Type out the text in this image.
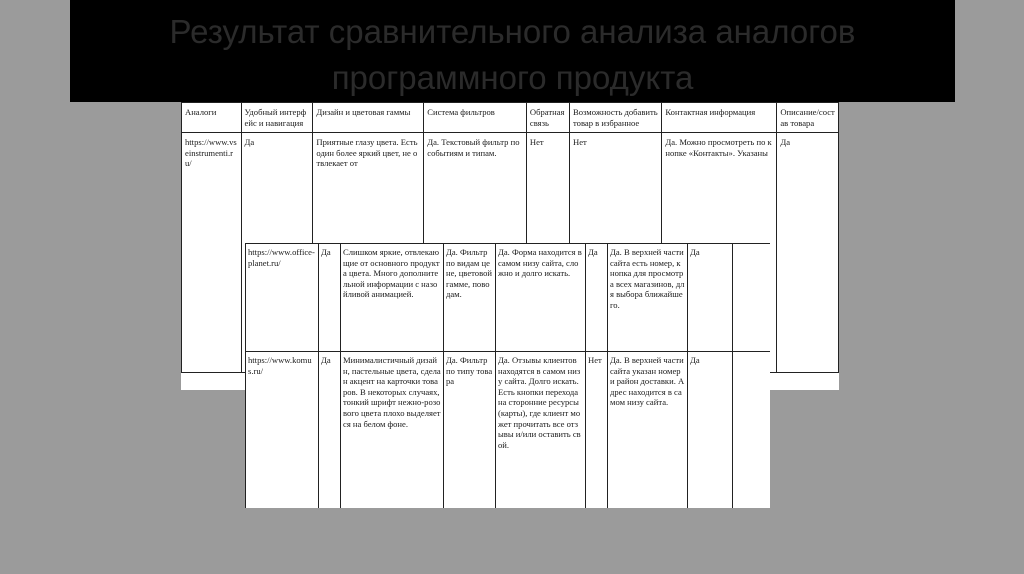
Результат сравнительного анализа аналогов
программного продукта
Аналоги	Удобный интерфейс и навигация	Дизайн и цветовая гаммы	Система фильтров	Обратная связь	Возможность добавить товар в избранное	Контактная информация	Описание/состав товара
https://www.vseinstrumenti.ru/	Да	Приятные глазу цвета. Есть один более яркий цвет, не отвлекает от	Да. Текстовый фильтр по событиям и типам.	Нет	Нет	Да. Можно просмотреть по кнопке «Контакты». Указаны	Да
https://www.office-planet.ru/	Да	Слишком яркие, отвлекающие от основного продукта цвета. Много дополнительной информации с назойливой анимацией.	Да. Фильтр по видам цене, цветовой гамме, поводам.	Да. Форма находится в самом низу сайта, сложно и долго искать.	Да	Да. В верхней части сайта есть номер, кнопка для просмотра всех магазинов, для выбора ближайшего.	Да	
https://www.komus.ru/	Да	Минималистичный дизайн, пастельные цвета, сделан акцент на карточки товаров. В некоторых случаях, тонкий шрифт нежно-розового цвета плохо выделяется на белом фоне.	Да. Фильтр по типу товара	Да. Отзывы клиентов находятся в самом низу сайта. Долго искать. Есть кнопки перехода на сторонние ресурсы(карты), где клиент может прочитать все отзывы и/или оставить свой.	Нет	Да. В верхней части сайта указан номер и район доставки. Адрес находится в самом низу сайта.	Да	
